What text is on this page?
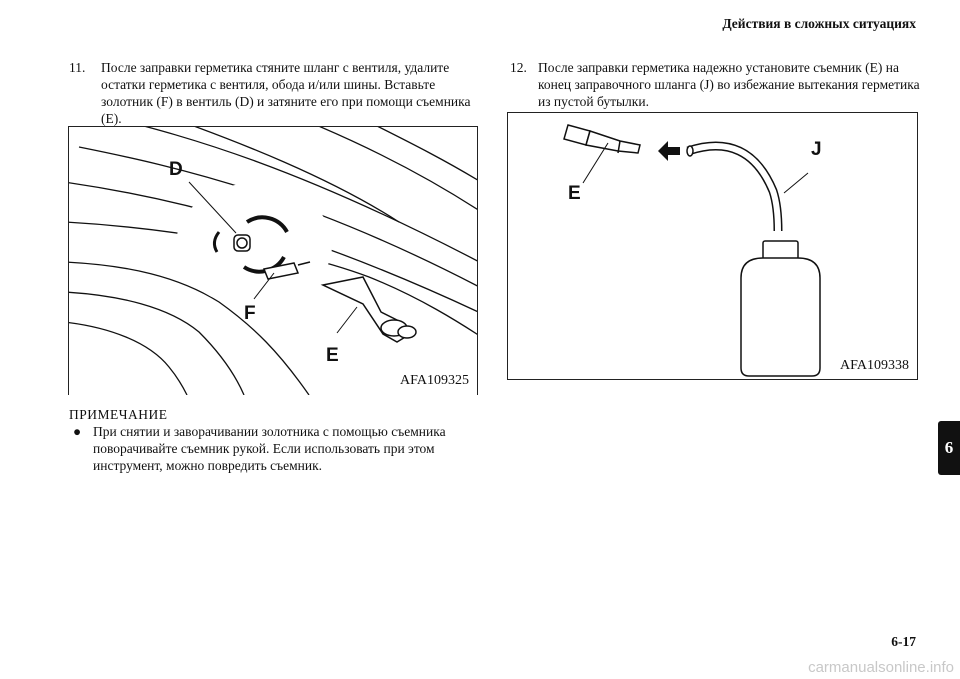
Действия в сложных ситуациях
11. После заправки герметика стяните шланг с вентиля, удалите остатки герметика с вентиля, обода и/или шины. Вставьте золотник (F) в вентиль (D) и затяните его при помощи съемника (E).
D
F
E
AFA109325
ПРИМЕЧАНИЕ
● При снятии и заворачивании золотника с помощью съемника поворачивайте съемник рукой. Если использовать при этом инструмент, можно повредить съемник.
12. После заправки герметика надежно установите съемник (E) на конец заправочного шланга (J) во избежание вытекания герметика из пустой бутылки.
E
J
AFA109338
6
6-17
carmanualsonline.info
